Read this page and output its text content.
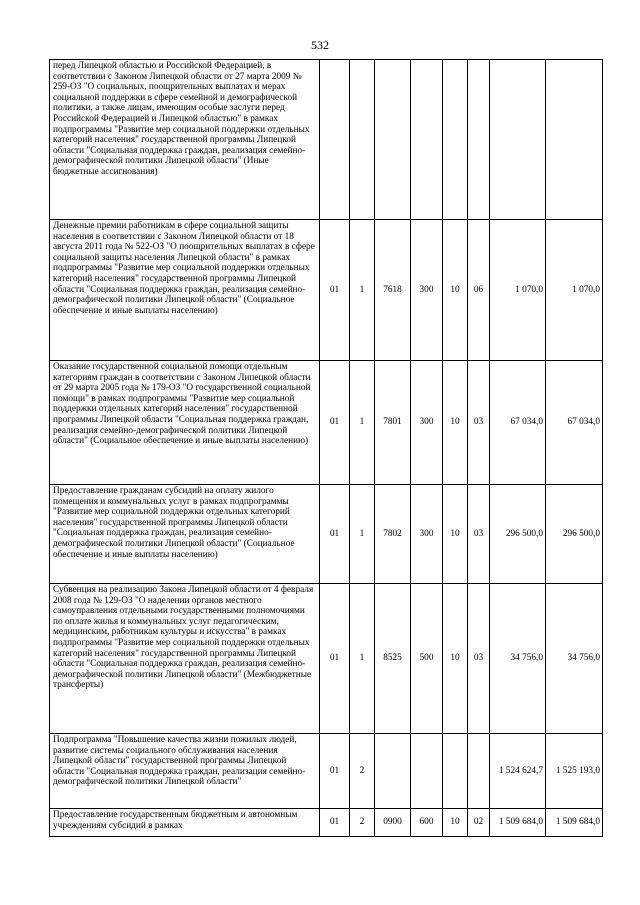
532
перед Липецкой областью и Российской Федерацией, в соответствии с Законом Липецкой области от 27 марта 2009 № 259-ОЗ "О социальных, поощрительных выплатах и мерах социальной поддержки в сфере семейной и демографической политики, а также лицам, имеющим особые заслуги перед Российской Федерацией и Липецкой областью" в рамках подпрограммы "Развитие мер социальной поддержки отдельных категорий населения" государственной программы Липецкой области "Социальная поддержка граждан, реализация семейно-демографической политики Липецкой области" (Иные бюджетные ассигнования)								
Денежные премии работникам в сфере социальной защиты населения в соответствии с Законом Липецкой области от 18 августа 2011 года № 522-ОЗ "О поощрительных выплатах в сфере социальной защиты населения Липецкой области" в рамках подпрограммы "Развитие мер социальной поддержки отдельных категорий населения" государственной программы Липецкой области "Социальная поддержка граждан, реализация семейно-демографической политики Липецкой области" (Социальное обеспечение и иные выплаты населению)	01	1	7618	300	10	06	1 070,0	1 070,0
Оказание государственной социальной помощи отдельным категориям граждан в соответствии с Законом Липецкой области от 29 марта 2005 года № 179-ОЗ "О государственной социальной помощи" в рамках подпрограммы "Развитие мер социальной поддержки отдельных категорий населения" государственной программы Липецкой области "Социальная поддержка граждан, реализация семейно-демографической политики Липецкой области" (Социальное обеспечение и иные выплаты населению)	01	1	7801	300	10	03	67 034,0	67 034,0
Предоставление гражданам субсидий на оплату жилого помещения и коммунальных услуг в рамках подпрограммы "Развитие мер социальной поддержки отдельных категорий населения" государственной программы Липецкой области "Социальная поддержка граждан, реализация семейно-демографической политики Липецкой области" (Социальное обеспечение и иные выплаты населению)	01	1	7802	300	10	03	296 500,0	296 500,0
Субвенция на реализацию Закона Липецкой области от 4 февраля 2008 года № 129-ОЗ "О наделении органов местного самоуправления отдельными государственными полномочиями по оплате жилья и коммунальных услуг педагогическим, медицинским, работникам культуры и искусства" в рамках подпрограммы "Развитие мер социальной поддержки отдельных категорий населения" государственной программы Липецкой области "Социальная поддержка граждан, реализация семейно-демографической политики Липецкой области" (Межбюджетные трансферты)	01	1	8525	500	10	03	34 756,0	34 756,0
Подпрограмма "Повышение качества жизни пожилых людей, развитие системы социального обслуживания населения Липецкой области" государственной программы Липецкой области "Социальная поддержка граждан, реализация семейно-демографической политики Липецкой области"	01	2					1 524 624,7	1 525 193,0
Предоставление государственным бюджетным и автономным учреждениям субсидий в рамках	01	2	0900	600	10	02	1 509 684,0	1 509 684,0
